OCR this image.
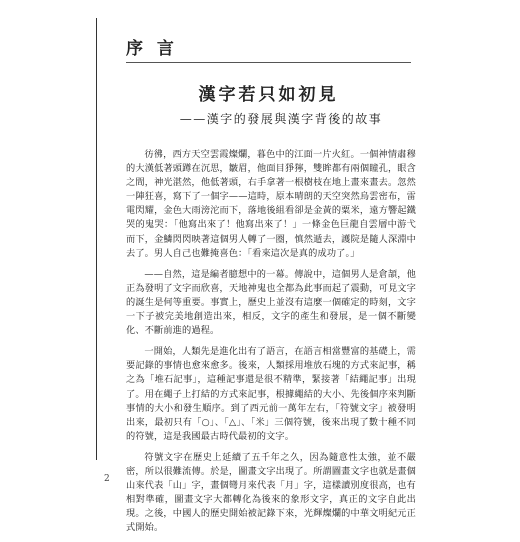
序 言
漢字若只如初見
——漢字的發展與漢字背後的故事

彷彿，西方天空雲霞燦爛，暮色中的江面一片火紅。一個神情肅穆的大漢低著頭蹲在沉思，皺眉，他面目猙獰，雙眸都有兩個瞳孔，眼含之間，神光湛然，他低著頭，右手拿著一根樹枝在地上畫來畫去。忽然一陣狂喜，寫下了一個字——這時，原本晴朗的天空突然烏雲密布，雷電閃耀，金色大雨滂沱而下，落地後組看卻是金黃的粟米，遠方響起鐵哭的鬼哭：「他寫出來了！他寫出來了！」一條金色巨龍自雲層中游弋而下，金鱗閃閃映著這個男人轉了一圈，慎然遁去，護院是隨人深淵中去了。男人自己也難掩喜色：「看來這次是真的成功了。」

——自然，這是編者臆想中的一幕。傳說中，這個男人是倉頡，他正為發明了文字而欣喜，天地神鬼也全都為此事而起了震動，可見文字的誕生是何等重要。事實上，歷史上並沒有這麼一個確定的時刻，文字一下子被完美地創造出來，相反，文字的產生和發展，是一個不斷變化、不斷前進的過程。

一開始，人類先是進化出有了語言，在語言相當豐富的基礎上，需要記錄的事情也愈來愈多。後來，人類採用堆放石塊的方式來記事，稱之為「堆石記事」，這種記事還是很不精準，緊接著「結繩記事」出現了。用在繩子上打結的方式來記事，根據繩結的大小、先後個序來判斷事情的大小和發生順序。到了西元前一萬年左右，「符號文字」被發明出來，最初只有「○」、「△」、「米」三個符號，後來出現了數十種不同的符號，這是我國最古時代最初的文字。

符號文字在歷史上延續了五千年之久，因為隨意性太強，並不嚴密，所以很難流傳。於是，圖畫文字出現了。所謂圖畫文字也就是畫個山來代表「山」字，畫個彎月來代表「月」字，這樣讀別度很高，也有相對準確，圖畫文字大都轉化為後來的象形文字，真正的文字自此出現。之後，中國人的歷史開始被記錄下來，光輝燦爛的中華文明紀元正式開始。

2
